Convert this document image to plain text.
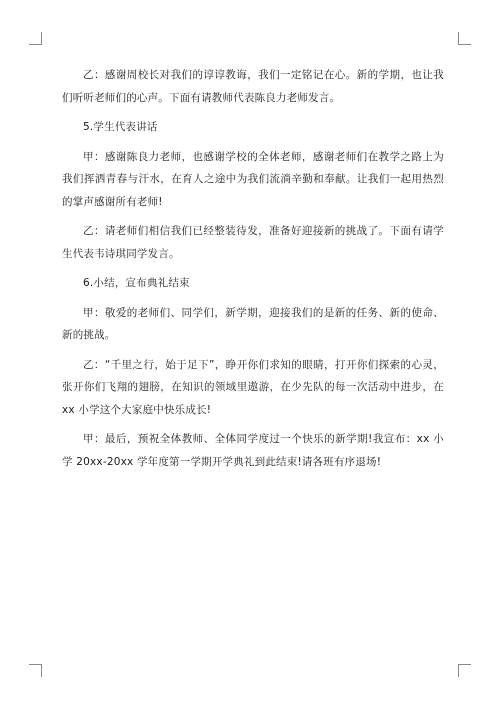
乙：感谢周校长对我们的谆谆教诲，我们一定铭记在心。新的学期，也让我们听听老师们的心声。下面有请教师代表陈良力老师发言。

5.学生代表讲话

甲：感谢陈良力老师，也感谢学校的全体老师，感谢老师们在教学之路上为我们挥洒青春与汗水，在育人之途中为我们流淌辛勤和奉献。让我们一起用热烈的掌声感谢所有老师!

乙：请老师们相信我们已经整装待发，准备好迎接新的挑战了。下面有请学生代表韦诗琪同学发言。

6.小结，宣布典礼结束

甲：敬爱的老师们、同学们，新学期，迎接我们的是新的任务、新的使命、新的挑战。

乙：“千里之行，始于足下”，睁开你们求知的眼睛，打开你们探索的心灵，张开你们飞翔的翅膀，在知识的领域里遨游，在少先队的每一次活动中进步，在 xx 小学这个大家庭中快乐成长!

甲：最后，预祝全体教师、全体同学度过一个快乐的新学期!我宣布：xx 小学 20xx-20xx 学年度第一学期开学典礼到此结束!请各班有序退场!
